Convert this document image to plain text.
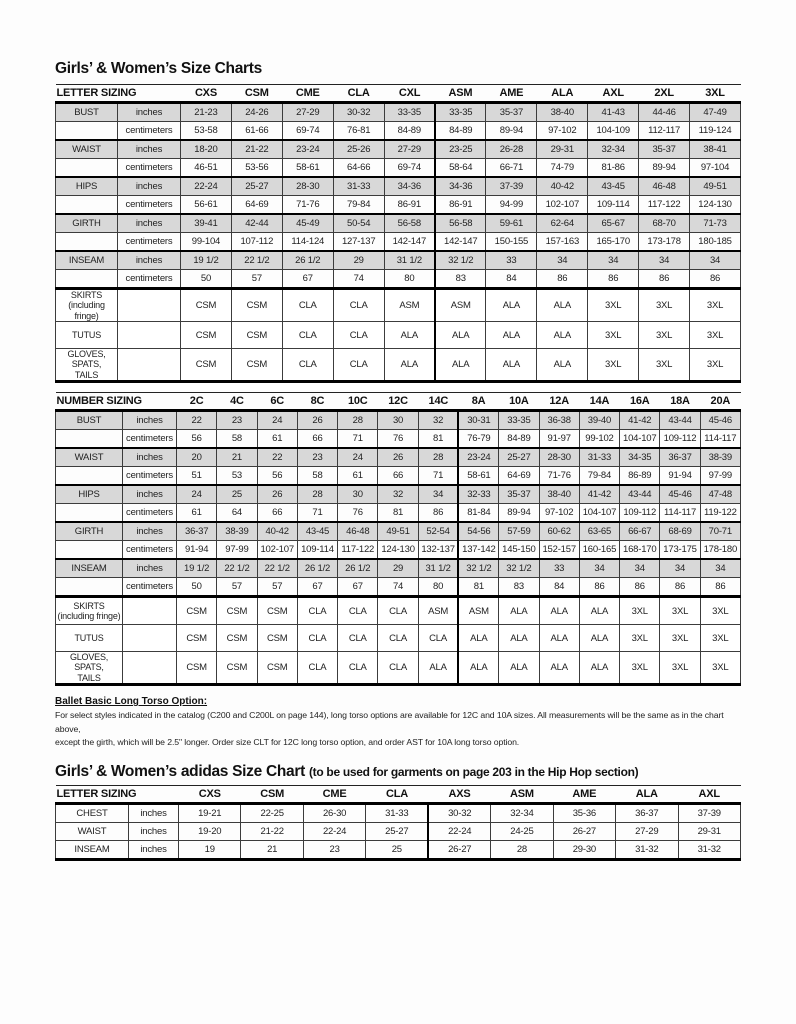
Girls’ & Women’s Size Charts
LETTER SIZING		CXS	CSM	CME	CLA	CXL	ASM	AME	ALA	AXL	2XL	3XL
BUST	inches	21-23	24-26	27-29	30-32	33-35	33-35	35-37	38-40	41-43	44-46	47-49
	centimeters	53-58	61-66	69-74	76-81	84-89	84-89	89-94	97-102	104-109	112-117	119-124
WAIST	inches	18-20	21-22	23-24	25-26	27-29	23-25	26-28	29-31	32-34	35-37	38-41
	centimeters	46-51	53-56	58-61	64-66	69-74	58-64	66-71	74-79	81-86	89-94	97-104
HIPS	inches	22-24	25-27	28-30	31-33	34-36	34-36	37-39	40-42	43-45	46-48	49-51
	centimeters	56-61	64-69	71-76	79-84	86-91	86-91	94-99	102-107	109-114	117-122	124-130
GIRTH	inches	39-41	42-44	45-49	50-54	56-58	56-58	59-61	62-64	65-67	68-70	71-73
	centimeters	99-104	107-112	114-124	127-137	142-147	142-147	150-155	157-163	165-170	173-178	180-185
INSEAM	inches	19 1/2	22 1/2	26 1/2	29	31 1/2	32 1/2	33	34	34	34	34
	centimeters	50	57	67	74	80	83	84	86	86	86	86
SKIRTS
(including fringe)		CSM	CSM	CLA	CLA	ASM	ASM	ALA	ALA	3XL	3XL	3XL
TUTUS		CSM	CSM	CLA	CLA	ALA	ALA	ALA	ALA	3XL	3XL	3XL
GLOVES, SPATS,
TAILS		CSM	CSM	CLA	CLA	ALA	ALA	ALA	ALA	3XL	3XL	3XL
NUMBER SIZING		2C	4C	6C	8C	10C	12C	14C	8A	10A	12A	14A	16A	18A	20A
BUST	inches	22	23	24	26	28	30	32	30-31	33-35	36-38	39-40	41-42	43-44	45-46
	centimeters	56	58	61	66	71	76	81	76-79	84-89	91-97	99-102	104-107	109-112	114-117
WAIST	inches	20	21	22	23	24	26	28	23-24	25-27	28-30	31-33	34-35	36-37	38-39
	centimeters	51	53	56	58	61	66	71	58-61	64-69	71-76	79-84	86-89	91-94	97-99
HIPS	inches	24	25	26	28	30	32	34	32-33	35-37	38-40	41-42	43-44	45-46	47-48
	centimeters	61	64	66	71	76	81	86	81-84	89-94	97-102	104-107	109-112	114-117	119-122
GIRTH	inches	36-37	38-39	40-42	43-45	46-48	49-51	52-54	54-56	57-59	60-62	63-65	66-67	68-69	70-71
	centimeters	91-94	97-99	102-107	109-114	117-122	124-130	132-137	137-142	145-150	152-157	160-165	168-170	173-175	178-180
INSEAM	inches	19 1/2	22 1/2	22 1/2	26 1/2	26 1/2	29	31 1/2	32 1/2	32 1/2	33	34	34	34	34
	centimeters	50	57	57	67	67	74	80	81	83	84	86	86	86	86
SKIRTS
(including fringe)		CSM	CSM	CSM	CLA	CLA	CLA	ASM	ASM	ALA	ALA	ALA	3XL	3XL	3XL
TUTUS		CSM	CSM	CSM	CLA	CLA	CLA	CLA	ALA	ALA	ALA	ALA	3XL	3XL	3XL
GLOVES, SPATS,
TAILS		CSM	CSM	CSM	CLA	CLA	CLA	ALA	ALA	ALA	ALA	ALA	3XL	3XL	3XL
Ballet Basic Long Torso Option:
For select styles indicated in the catalog (C200 and C200L on page 144), long torso options are available for 12C and 10A sizes. All measurements will be the same as in the chart above,
except the girth, which will be 2.5" longer. Order size CLT for 12C long torso option, and order AST for 10A long torso option.
Girls’ & Women’s adidas Size Chart (to be used for garments on page 203 in the Hip Hop section)
LETTER SIZING		CXS	CSM	CME	CLA	AXS	ASM	AME	ALA	AXL
CHEST	inches	19-21	22-25	26-30	31-33	30-32	32-34	35-36	36-37	37-39
WAIST	inches	19-20	21-22	22-24	25-27	22-24	24-25	26-27	27-29	29-31
INSEAM	inches	19	21	23	25	26-27	28	29-30	31-32	31-32
